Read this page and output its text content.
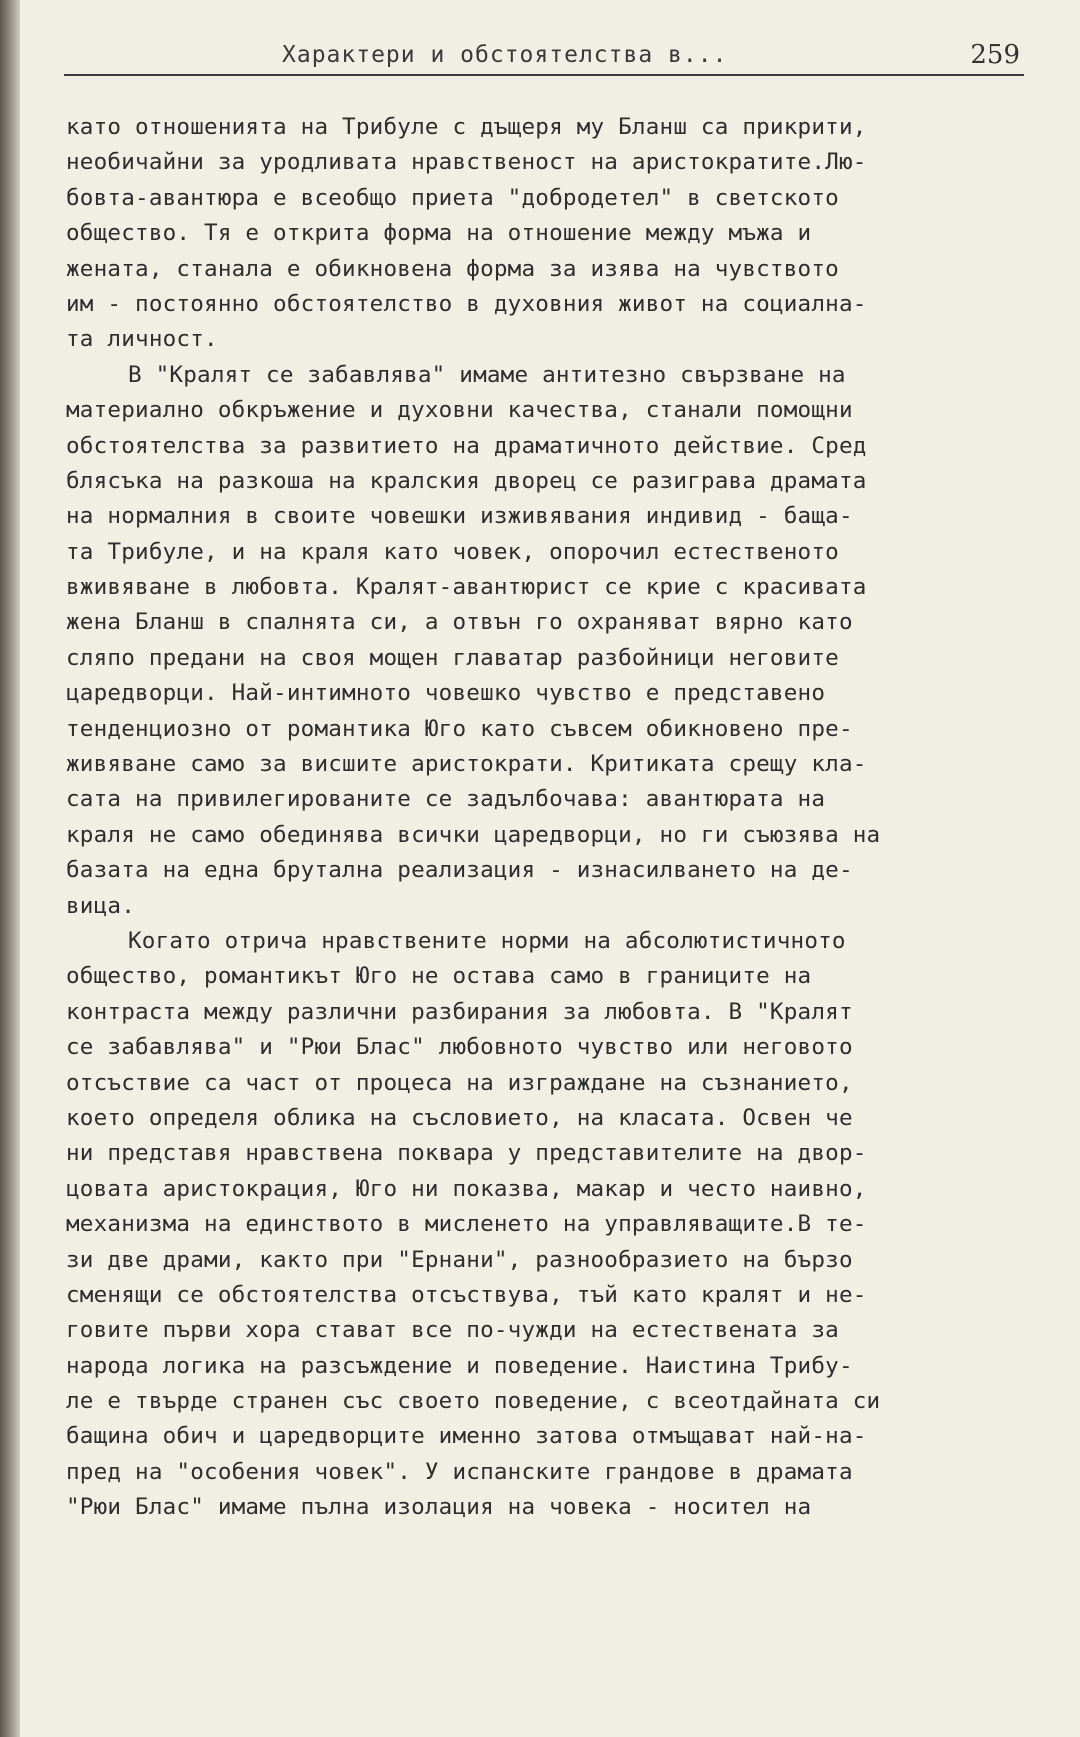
Характери и обстоятелства в...	259
като отношенията на Трибуле с дъщеря му Бланш са прикрити,
необичайни за уродливата нравственост на аристократите.Лю-
бовта-авантюра е всеобщо приета "добродетел" в светското
общество. Тя е открита форма на отношение между мъжа и
жената, станала е обикновена форма за изява на чувството
им - постоянно обстоятелство в духовния живот на социална-
та личност.
В "Кралят се забавлява" имаме антитезно свързване на
материално обкръжение и духовни качества, станали помощни
обстоятелства за развитието на драматичното действие. Сред
блясъка на разкоша на кралския дворец се разиграва драмата
на нормалния в своите човешки изживявания индивид - баща-
та Трибуле, и на краля като човек, опорочил естественото
вживяване в любовта. Кралят-авантюрист се крие с красивата
жена Бланш в спалнята си, а отвън го охраняват вярно като
сляпо предани на своя мощен главатар разбойници неговите
царедворци. Най-интимното човешко чувство е представено
тенденциозно от романтика Юго като съвсем обикновено пре-
живяване само за висшите аристократи. Критиката срещу кла-
сата на привилегированите се задълбочава: авантюрата на
краля не само обединява всички царедворци, но ги съюзява на
базата на една брутална реализация - изнасилването на де-
вица.
Когато отрича нравствените норми на абсолютистичното
общество, романтикът Юго не остава само в границите на
контраста между различни разбирания за любовта. В "Кралят
се забавлява" и "Рюи Блас" любовното чувство или неговото
отсъствие са част от процеса на изграждане на съзнанието,
което определя облика на съсловието, на класата. Освен че
ни представя нравствена поквара у представителите на двор-
цовата аристокрация, Юго ни показва, макар и често наивно,
механизма на единството в мисленето на управляващите.В те-
зи две драми, както при "Ернани", разнообразието на бързо
сменящи се обстоятелства отсъствува, тъй като кралят и не-
говите първи хора стават все по-чужди на естествената за
народа логика на разсъждение и поведение. Наистина Трибу-
ле е твърде странен със своето поведение, с всеотдайната си
бащина обич и царедворците именно затова отмъщават най-на-
пред на "особения човек". У испанските грандове в драмата
"Рюи Блас" имаме пълна изолация на човека - носител на
